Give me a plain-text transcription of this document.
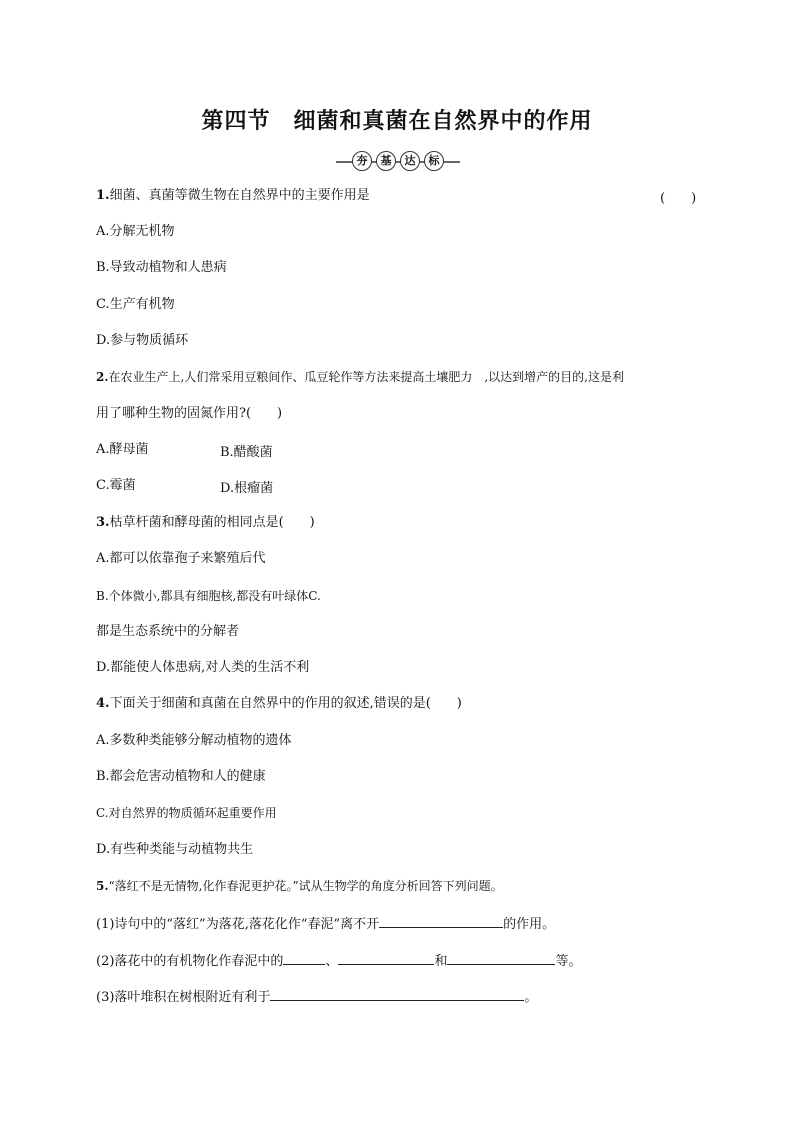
第四节　细菌和真菌在自然界中的作用
夯	基	达	标
1.细菌、真菌等微生物在自然界中的主要作用是	(　　)
A.分解无机物
B.导致动植物和人患病
C.生产有机物
D.参与物质循环
2.在农业生产上,人们常采用豆粮间作、瓜豆轮作等方法来提高土壤肥力　,以达到增产的目的,这是利
用了哪种生物的固氮作用?(　　)
A.酵母菌	B.醋酸菌
C.霉菌	D.根瘤菌
3.枯草杆菌和酵母菌的相同点是(　　)
A.都可以依靠孢子来繁殖后代
B.个体微小,都具有细胞核,都没有叶绿体C.
都是生态系统中的分解者
D.都能使人体患病,对人类的生活不利
4.下面关于细菌和真菌在自然界中的作用的叙述,错误的是(　　)
A.多数种类能够分解动植物的遗体
B.都会危害动植物和人的健康
C.对自然界的物质循环起重要作用
D.有些种类能与动植物共生
5.“落红不是无情物,化作春泥更护花。”试从生物学的角度分析回答下列问题。
(1)诗句中的“落红”为落花,落花化作“春泥”离不开	的作用。
(2)落花中的有机物化作春泥中的	、	和	等。
(3)落叶堆积在树根附近有利于	。
